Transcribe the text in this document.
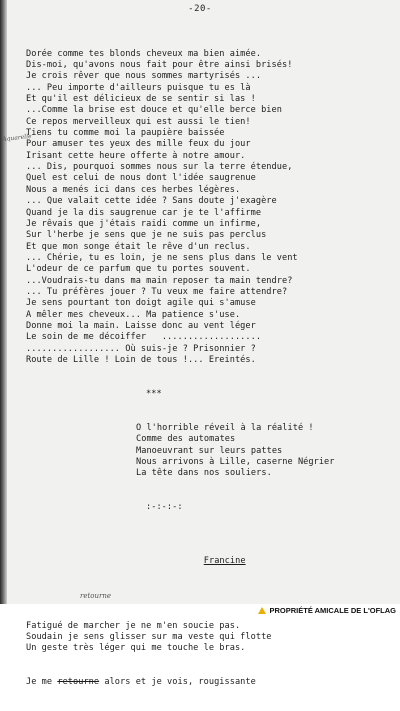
-20-
Aquarelle

Dorée comme tes blonds cheveux ma bien aimée.
Dis-moi, qu'avons nous fait pour être ainsi brisés!
Je crois rêver que nous sommes martyrisés ...
... Peu importe d'ailleurs puisque tu es là
Et qu'il est délicieux de se sentir si las !
...Comme la brise est douce et qu'elle berce bien
Ce repos merveilleux qui est aussi le tien!
Tiens tu comme moi la paupière baissée
Pour amuser tes yeux des mille feux du jour
Irisant cette heure offerte à notre amour.
... Dis, pourquoi sommes nous sur la terre étendue,
Quel est celui de nous dont l'idée saugrenue
Nous a menés ici dans ces herbes légères.
... Que valait cette idée ? Sans doute j'exagère
Quand je la dis saugrenue car je te l'affirme
Je rêvais que j'étais raidi comme un infirme,
Sur l'herbe je sens que je ne suis pas perclus
Et que mon songe était le rêve d'un reclus.
... Chérie, tu es loin, je ne sens plus dans le vent
L'odeur de ce parfum que tu portes souvent.
...Voudrais-tu dans ma main reposer ta main tendre?
... Tu préfères jouer ? Tu veux me faire attendre?
Je sens pourtant ton doigt agile qui s'amuse
A mêler mes cheveux... Ma patience s'use.
Donne moi la main. Laisse donc au vent léger
Le soin de me décoiffer   ...................
.................. Où suis-je ? Prisonnier ?
Route de Lille ! Loin de tous !... Ereintés.

***

O l'horrible réveil à la réalité !
Comme des automates
Manoeuvrant sur leurs pattes
Nous arrivons à Lille, caserne Négrier
La tête dans nos souliers.

:-:-:-:

Francine

Fatigué de marcher je ne m'en soucie pas.
Soudain je sens glisser sur ma veste qui flotte
Un geste très léger qui me touche le bras.

Je me retourne alors et je vois, rougissante

retourne
PROPRIÉTÉ AMICALE DE L'OFLAG
